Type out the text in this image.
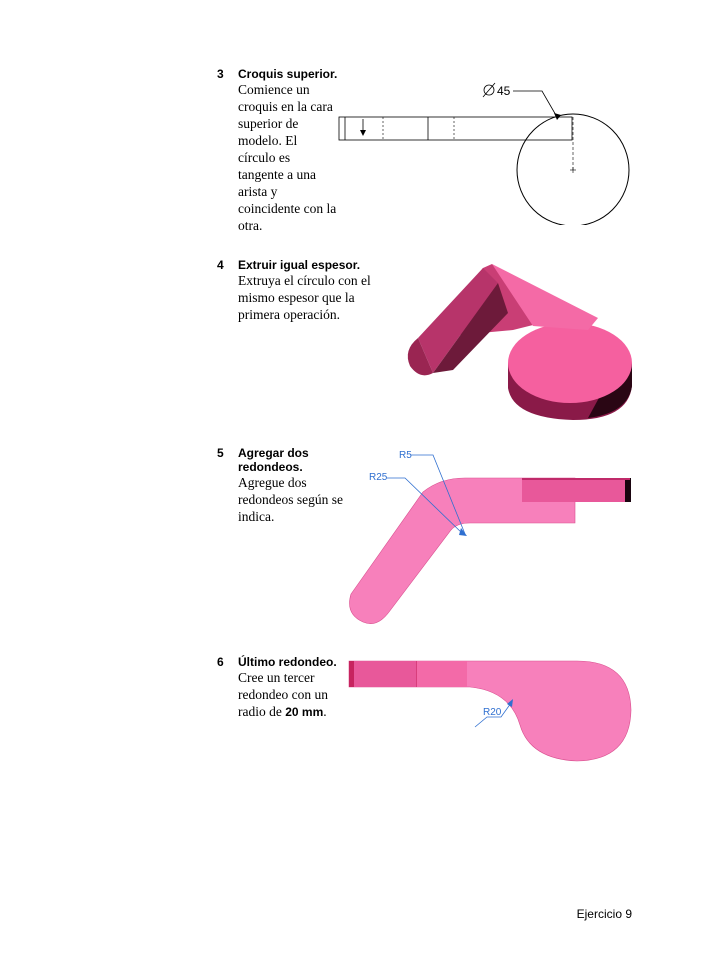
3 Croquis superior.
Comience un croquis en la cara superior de modelo. El círculo es tangente a una arista y coincidente con la otra.
45
4 Extruir igual espesor.
Extruya el círculo con el mismo espesor que la primera operación.
5 Agregar dos redondeos.
Agregue dos redondeos según se indica.
R5
R25
6 Último redondeo.
Cree un tercer redondeo con un radio de 20 mm.	R20
Ejercicio 9
